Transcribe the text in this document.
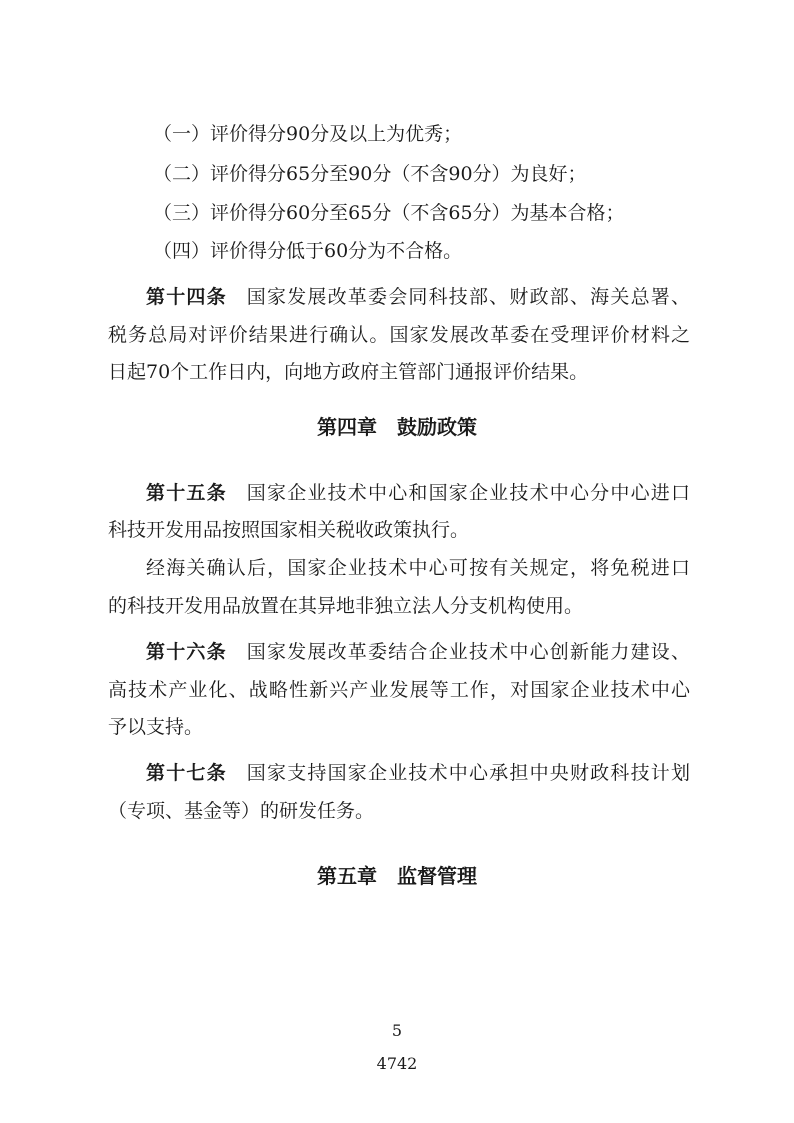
（一）评价得分90分及以上为优秀；
（二）评价得分65分至90分（不含90分）为良好；
（三）评价得分60分至65分（不含65分）为基本合格；
（四）评价得分低于60分为不合格。
第十四条 国家发展改革委会同科技部、财政部、海关总署、
税务总局对评价结果进行确认。国家发展改革委在受理评价材料之
日起70个工作日内，向地方政府主管部门通报评价结果。
第四章 鼓励政策
第十五条 国家企业技术中心和国家企业技术中心分中心进口
科技开发用品按照国家相关税收政策执行。
经海关确认后，国家企业技术中心可按有关规定，将免税进口
的科技开发用品放置在其异地非独立法人分支机构使用。
第十六条 国家发展改革委结合企业技术中心创新能力建设、
高技术产业化、战略性新兴产业发展等工作，对国家企业技术中心
予以支持。
第十七条 国家支持国家企业技术中心承担中央财政科技计划
（专项、基金等）的研发任务。
第五章 监督管理
5
4742
